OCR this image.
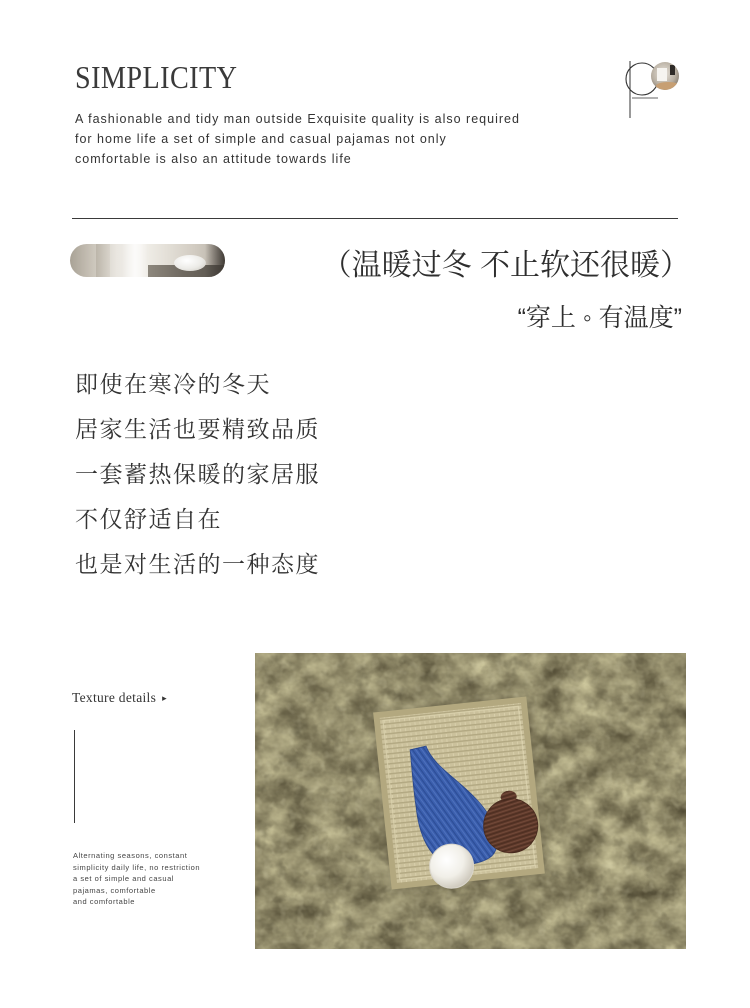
SIMPLICITY
A fashionable and tidy man outside Exquisite quality is also required
for home life a set of simple and casual pajamas not only
comfortable is also an attitude towards life
（温暖过冬 不止软还很暖）
“穿上 ◦ 有温度”
即使在寒冷的冬天
居家生活也要精致品质
一套蓄热保暖的家居服
不仅舒适自在
也是对生活的一种态度
Texture details ▸
Alternating seasons, constant
simplicity daily life, no restriction
a set of simple and casual
pajamas, comfortable
and comfortable
